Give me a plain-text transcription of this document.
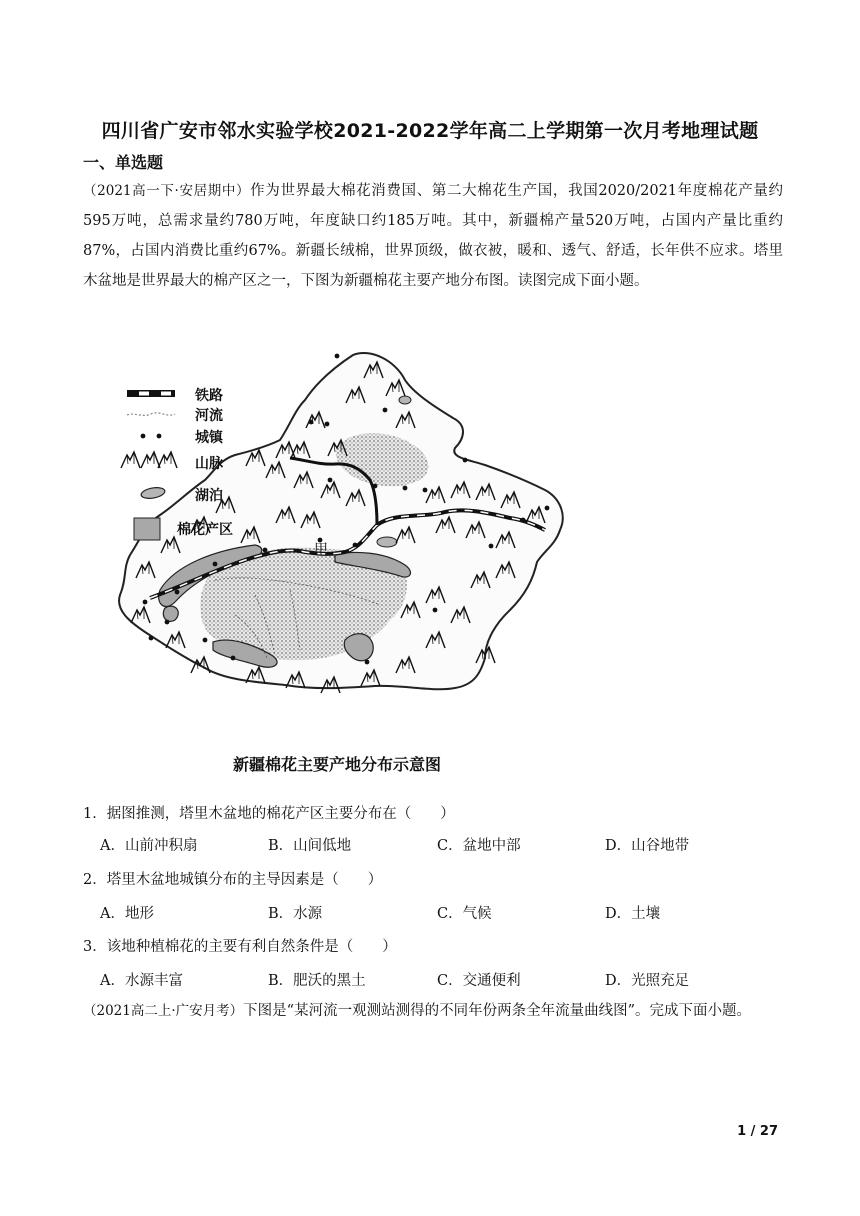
四川省广安市邻水实验学校2021-2022学年高二上学期第一次月考地理试题
一、单选题
（2021高一下·安居期中）作为世界最大棉花消费国、第二大棉花生产国，我国2020/2021年度棉花产量约595万吨，总需求量约780万吨，年度缺口约185万吨。其中，新疆棉产量520万吨，占国内产量比重约87%，占国内消费比重约67%。新疆长绒棉，世界顶级，做衣被，暖和、透气、舒适，长年供不应求。塔里木盆地是世界最大的棉产区之一，下图为新疆棉花主要产地分布图。读图完成下面小题。
甲
铁路
河流
城镇
山脉
湖泊
棉花产区
新疆棉花主要产地分布示意图
1．据图推测，塔里木盆地的棉花产区主要分布在（　　）
A．山前冲积扇	B．山间低地	C．盆地中部	D．山谷地带
2．塔里木盆地城镇分布的主导因素是（　　）
A．地形	B．水源	C．气候	D．土壤
3．该地种植棉花的主要有利自然条件是（　　）
A．水源丰富	B．肥沃的黑土	C．交通便利	D．光照充足
（2021高二上·广安月考）下图是“某河流一观测站测得的不同年份两条全年流量曲线图”。完成下面小题。
1 / 27
